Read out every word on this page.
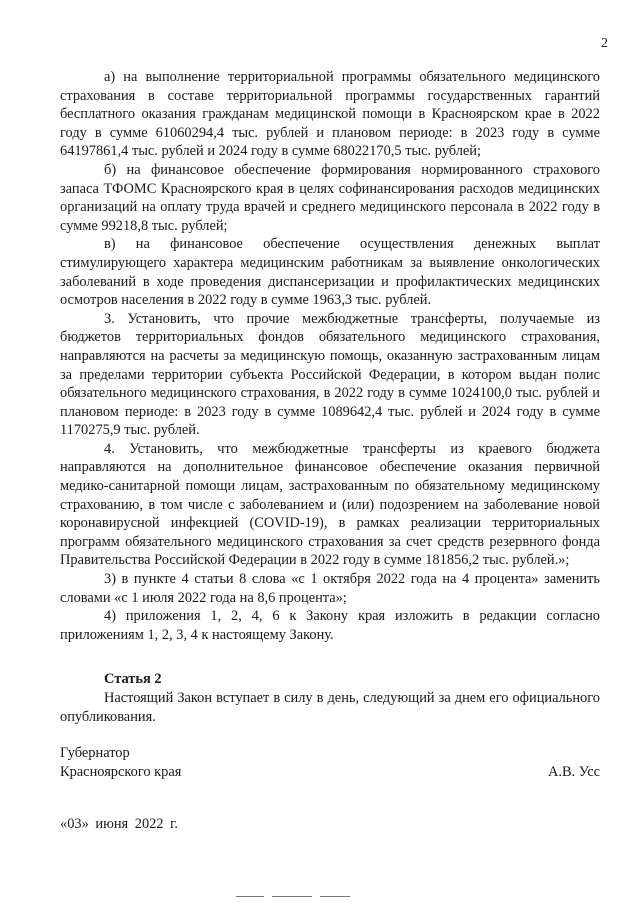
2

а) на выполнение территориальной программы обязательного медицинского страхования в составе территориальной программы государственных гарантий бесплатного оказания гражданам медицинской помощи в Красноярском крае в 2022 году в сумме 61060294,4 тыс. рублей и плановом периоде: в 2023 году в сумме 64197861,4 тыс. рублей и 2024 году в сумме 68022170,5 тыс. рублей;

б) на финансовое обеспечение формирования нормированного страхового запаса ТФОМС Красноярского края в целях софинансирования расходов медицинских организаций на оплату труда врачей и среднего медицинского персонала в 2022 году в сумме 99218,8 тыс. рублей;

в) на финансовое обеспечение осуществления денежных выплат стимулирующего характера медицинским работникам за выявление онкологических заболеваний в ходе проведения диспансеризации и профилактических медицинских осмотров населения в 2022 году в сумме 1963,3 тыс. рублей.

3. Установить, что прочие межбюджетные трансферты, получаемые из бюджетов территориальных фондов обязательного медицинского страхования, направляются на расчеты за медицинскую помощь, оказанную застрахованным лицам за пределами территории субъекта Российской Федерации, в котором выдан полис обязательного медицинского страхования, в 2022 году в сумме 1024100,0 тыс. рублей и плановом периоде: в 2023 году в сумме 1089642,4 тыс. рублей и 2024 году в сумме 1170275,9 тыс. рублей.

4. Установить, что межбюджетные трансферты из краевого бюджета направляются на дополнительное финансовое обеспечение оказания первичной медико-санитарной помощи лицам, застрахованным по обязательному медицинскому страхованию, в том числе с заболеванием и (или) подозрением на заболевание новой коронавирусной инфекцией (COVID-19), в рамках реализации территориальных программ обязательного медицинского страхования за счет средств резервного фонда Правительства Российской Федерации в 2022 году в сумме 181856,2 тыс. рублей.»;

3) в пункте 4 статьи 8 слова «с 1 октября 2022 года на 4 процента» заменить словами «с 1 июля 2022 года на 8,6 процента»;

4) приложения 1, 2, 4, 6 к Закону края изложить в редакции согласно приложениям 1, 2, 3, 4 к настоящему Закону.

Статья 2

Настоящий Закон вступает в силу в день, следующий за днем его официального опубликования.

Губернатор
Красноярского края	А.В. Усс
«03» июня 2022 г.
